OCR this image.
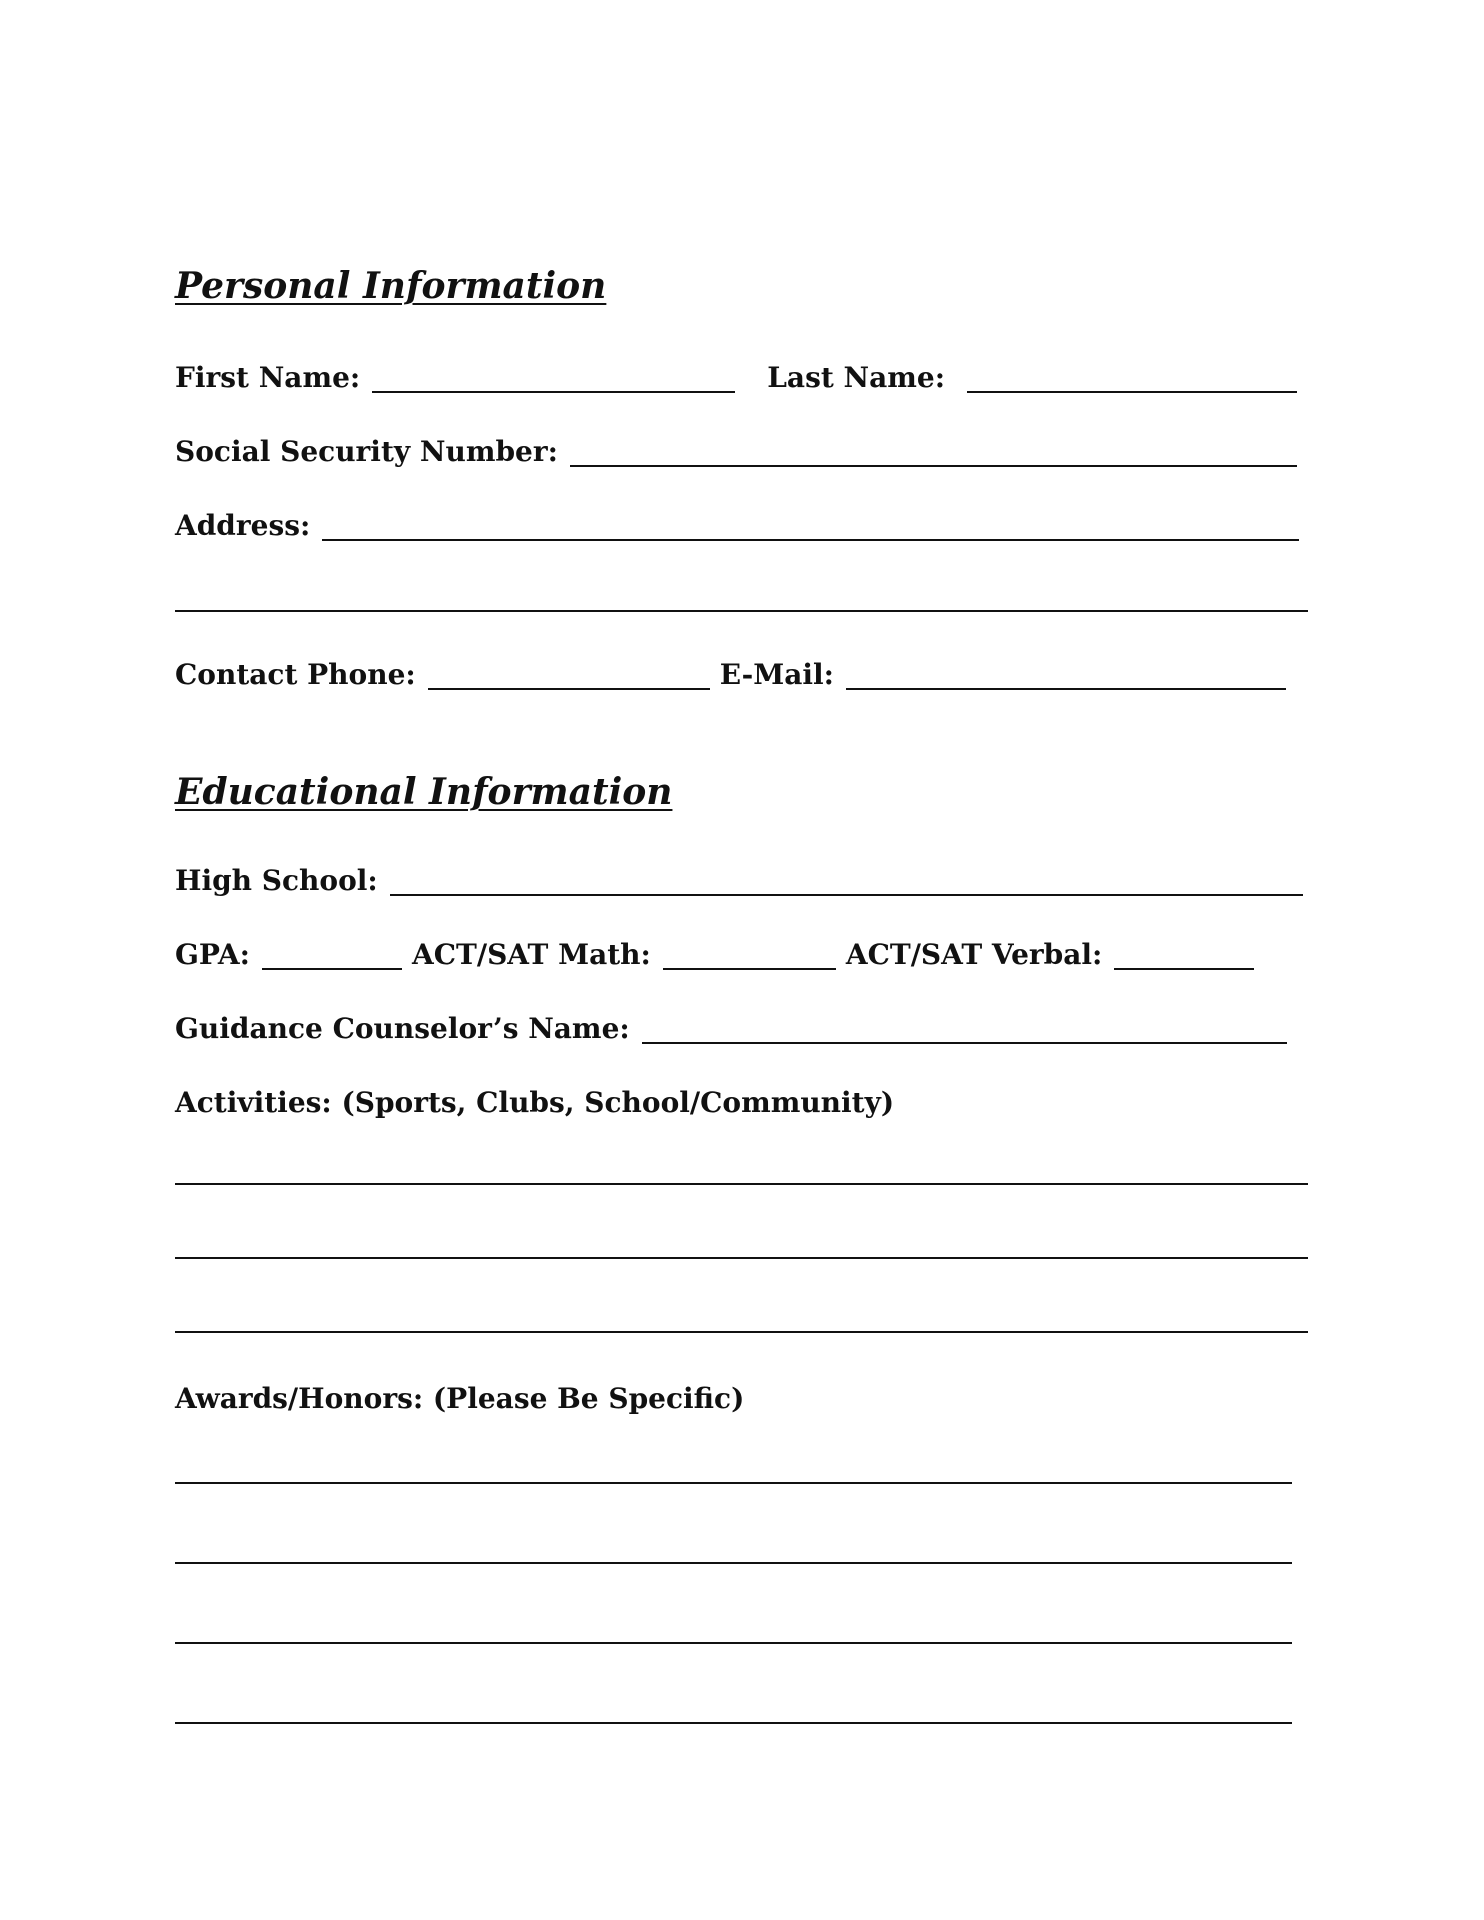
Personal Information
First Name:	Last Name:
Social Security Number:
Address:
Contact Phone:	E-Mail:
Educational Information
High School:
GPA:	ACT/SAT Math:	ACT/SAT Verbal:
Guidance Counselor’s Name:
Activities: (Sports, Clubs, School/Community)
Awards/Honors: (Please Be Specific)
